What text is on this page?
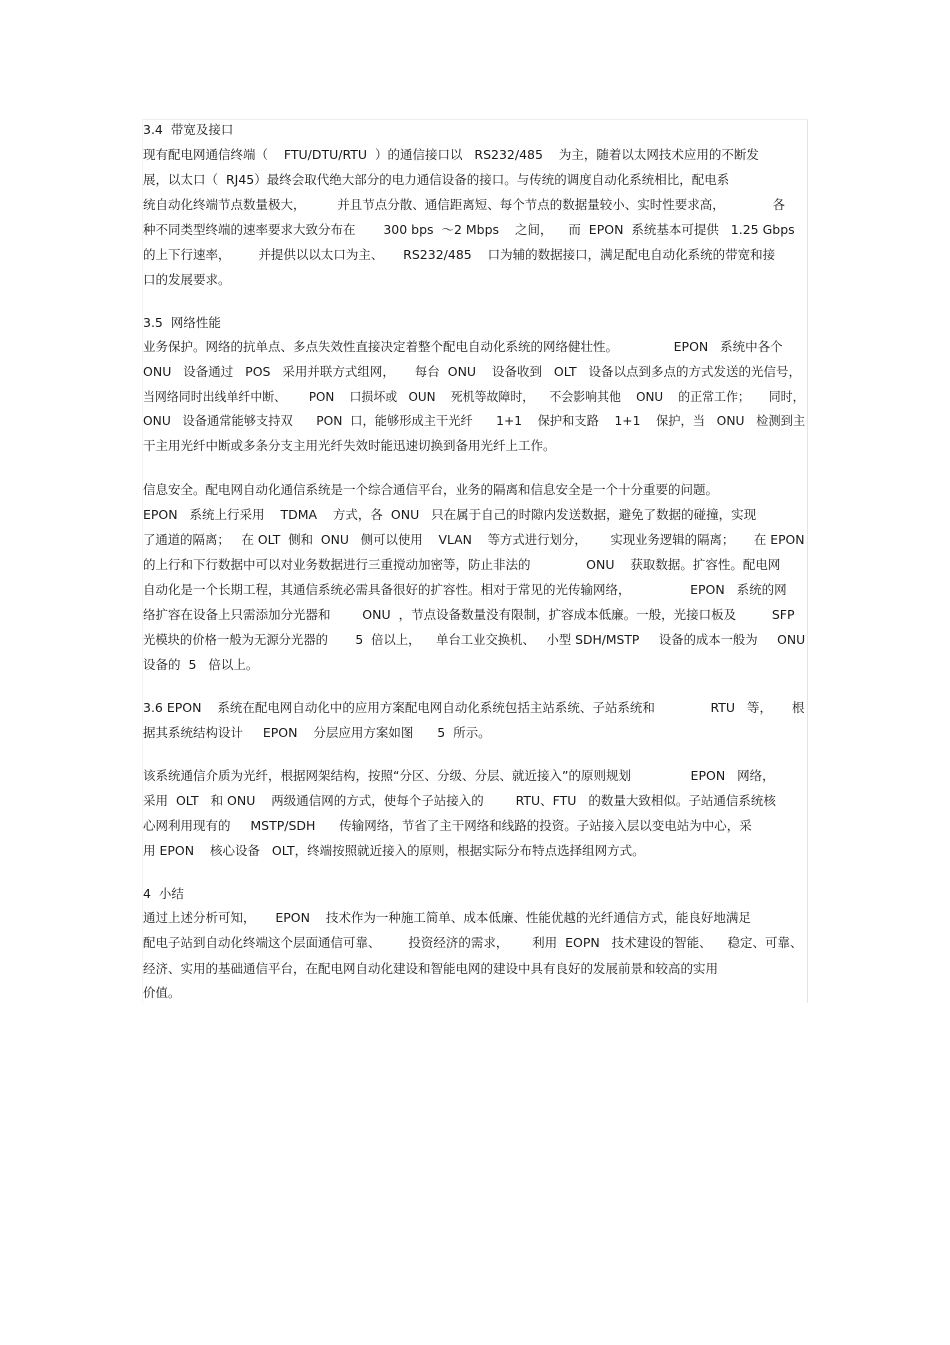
3.4  带宽及接口
现有配电网通信终端（    FTU/DTU/RTU  ）的通信接口以   RS232/485    为主，随着以太网技术应用的不断发
展，以太口（  RJ45）最终会取代绝大部分的电力通信设备的接口。与传统的调度自动化系统相比，配电系
统自动化终端节点数量极大，        并且节点分散、通信距离短、每个节点的数据量较小、实时性要求高，            各
种不同类型终端的速率要求大致分布在       300 bps  ～2 Mbps    之间，    而  EPON  系统基本可提供   1.25 Gbps
的上下行速率，       并提供以以太口为主、     RS232/485    口为辅的数据接口，满足配电自动化系统的带宽和接
口的发展要求。
3.5  网络性能
业务保护。网络的抗单点、多点失效性直接决定着整个配电自动化系统的网络健壮性。              EPON   系统中各个
ONU   设备通过   POS   采用并联方式组网，     每台  ONU    设备收到   OLT   设备以点到多点的方式发送的光信号，
当网络同时出线单纤中断、      PON    口损坏或   OUN    死机等故障时，    不会影响其他    ONU    的正常工作；     同时，
ONU   设备通常能够支持双      PON  口，能够形成主干光纤      1+1    保护和支路    1+1    保护，当   ONU   检测到主
干主用光纤中断或多条分支主用光纤失效时能迅速切换到备用光纤上工作。
信息安全。配电网自动化通信系统是一个综合通信平台，业务的隔离和信息安全是一个十分重要的问题。
EPON   系统上行采用    TDMA    方式，各  ONU   只在属于自己的时隙内发送数据，避免了数据的碰撞，实现
了通道的隔离；   在 OLT  侧和  ONU   侧可以使用    VLAN    等方式进行划分，      实现业务逻辑的隔离；     在 EPON
的上行和下行数据中可以对业务数据进行三重搅动加密等，防止非法的              ONU    获取数据。扩容性。配电网
自动化是一个长期工程，其通信系统必需具备很好的扩容性。相对于常见的光传输网络，               EPON   系统的网
络扩容在设备上只需添加分光器和        ONU  ，节点设备数量没有限制，扩容成本低廉。一般，光接口板及         SFP
光模块的价格一般为无源分光器的       5  倍以上，    单台工业交换机、   小型 SDH/MSTP     设备的成本一般为     ONU
设备的  5   倍以上。
3.6 EPON    系统在配电网自动化中的应用方案配电网自动化系统包括主站系统、子站系统和              RTU   等，     根
据其系统结构设计     EPON    分层应用方案如图      5  所示。
该系统通信介质为光纤，根据网架结构，按照“分区、分级、分层、就近接入”的原则规划               EPON   网络，
采用  OLT   和 ONU    两级通信网的方式，使每个子站接入的        RTU、FTU   的数量大致相似。子站通信系统核
心网利用现有的     MSTP/SDH      传输网络，节省了主干网络和线路的投资。子站接入层以变电站为中心，采
用 EPON    核心设备   OLT，终端按照就近接入的原则，根据实际分布特点选择组网方式。
4  小结
通过上述分析可知，     EPON    技术作为一种施工简单、成本低廉、性能优越的光纤通信方式，能良好地满足
配电子站到自动化终端这个层面通信可靠、       投资经济的需求，      利用  EOPN   技术建设的智能、    稳定、可靠、
经济、实用的基础通信平台，在配电网自动化建设和智能电网的建设中具有良好的发展前景和较高的实用
价值。
